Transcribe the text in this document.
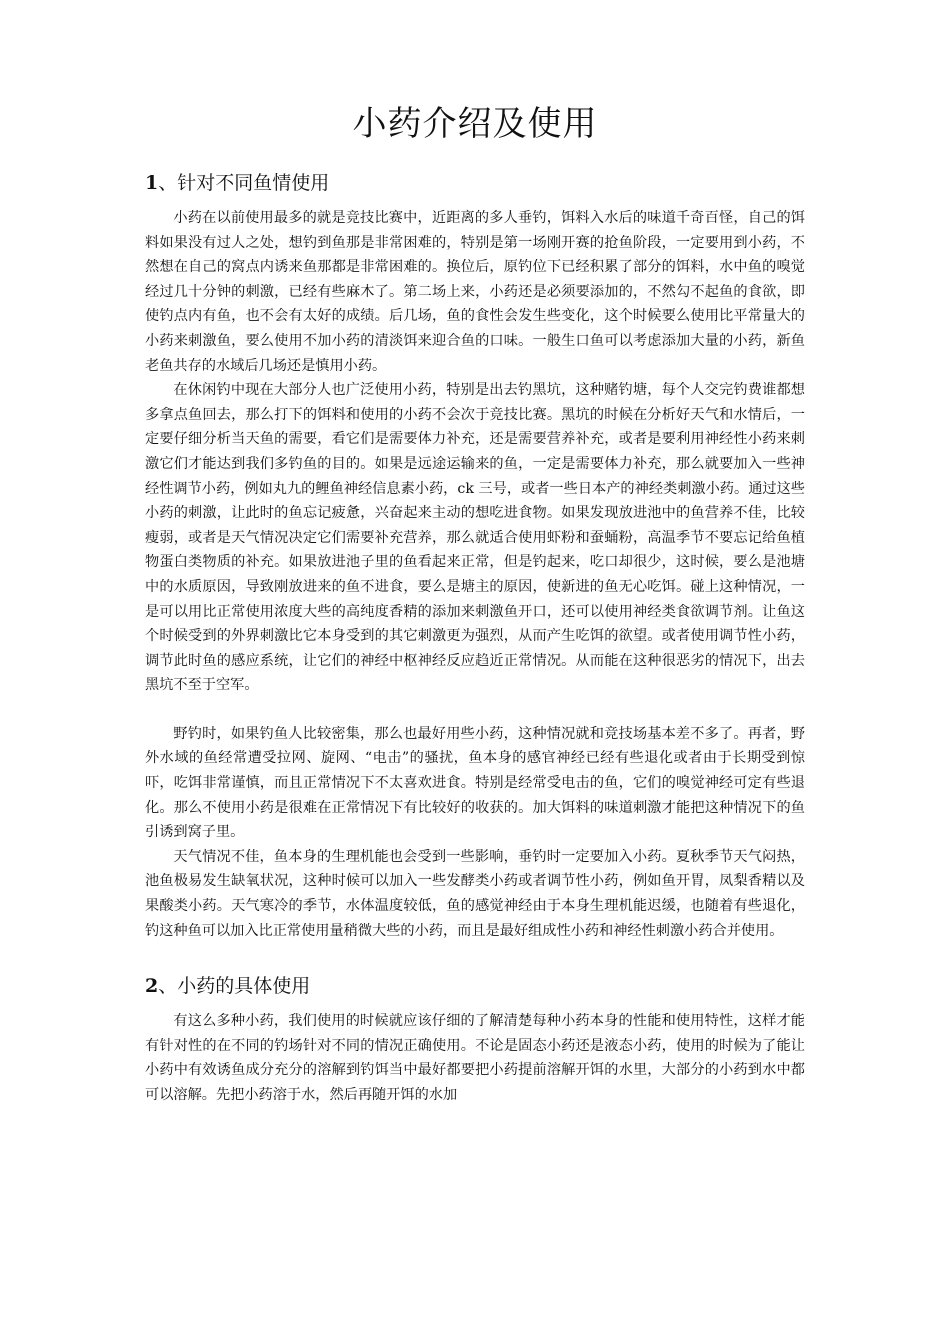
小药介绍及使用
1、针对不同鱼情使用

小药在以前使用最多的就是竞技比赛中，近距离的多人垂钓，饵料入水后的味道千奇百怪，自己的饵料如果没有过人之处，想钓到鱼那是非常困难的，特别是第一场刚开赛的抢鱼阶段，一定要用到小药，不然想在自己的窝点内诱来鱼那都是非常困难的。换位后，原钓位下已经积累了部分的饵料，水中鱼的嗅觉经过几十分钟的刺激，已经有些麻木了。第二场上来，小药还是必须要添加的，不然勾不起鱼的食欲，即使钓点内有鱼，也不会有太好的成绩。后几场，鱼的食性会发生些变化，这个时候要么使用比平常量大的小药来刺激鱼，要么使用不加小药的清淡饵来迎合鱼的口味。一般生口鱼可以考虑添加大量的小药，新鱼老鱼共存的水域后几场还是慎用小药。

在休闲钓中现在大部分人也广泛使用小药，特别是出去钓黑坑，这种赌钓塘，每个人交完钓费谁都想多拿点鱼回去，那么打下的饵料和使用的小药不会次于竞技比赛。黑坑的时候在分析好天气和水情后，一定要仔细分析当天鱼的需要，看它们是需要体力补充，还是需要营养补充，或者是要利用神经性小药来刺激它们才能达到我们多钓鱼的目的。如果是远途运输来的鱼，一定是需要体力补充，那么就要加入一些神经性调节小药，例如丸九的鲤鱼神经信息素小药，ck 三号，或者一些日本产的神经类刺激小药。通过这些小药的刺激，让此时的鱼忘记疲惫，兴奋起来主动的想吃进食物。如果发现放进池中的鱼营养不佳，比较瘦弱，或者是天气情况决定它们需要补充营养，那么就适合使用虾粉和蚕蛹粉，高温季节不要忘记给鱼植物蛋白类物质的补充。如果放进池子里的鱼看起来正常，但是钓起来，吃口却很少，这时候，要么是池塘中的水质原因，导致刚放进来的鱼不进食，要么是塘主的原因，使新进的鱼无心吃饵。碰上这种情况，一是可以用比正常使用浓度大些的高纯度香精的添加来刺激鱼开口，还可以使用神经类食欲调节剂。让鱼这个时候受到的外界刺激比它本身受到的其它刺激更为强烈，从而产生吃饵的欲望。或者使用调节性小药，调节此时鱼的感应系统，让它们的神经中枢神经反应趋近正常情况。从而能在这种很恶劣的情况下，出去黑坑不至于空军。

野钓时，如果钓鱼人比较密集，那么也最好用些小药，这种情况就和竞技场基本差不多了。再者，野外水域的鱼经常遭受拉网、旋网、“电击”的骚扰，鱼本身的感官神经已经有些退化或者由于长期受到惊吓，吃饵非常谨慎，而且正常情况下不太喜欢进食。特别是经常受电击的鱼，它们的嗅觉神经可定有些退化。那么不使用小药是很难在正常情况下有比较好的收获的。加大饵料的味道刺激才能把这种情况下的鱼引诱到窝子里。

天气情况不佳，鱼本身的生理机能也会受到一些影响，垂钓时一定要加入小药。夏秋季节天气闷热，池鱼极易发生缺氧状况，这种时候可以加入一些发酵类小药或者调节性小药，例如鱼开胃，凤梨香精以及果酸类小药。天气寒冷的季节，水体温度较低，鱼的感觉神经由于本身生理机能迟缓，也随着有些退化，钓这种鱼可以加入比正常使用量稍微大些的小药，而且是最好组成性小药和神经性刺激小药合并使用。

2、小药的具体使用

有这么多种小药，我们使用的时候就应该仔细的了解清楚每种小药本身的性能和使用特性，这样才能有针对性的在不同的钓场针对不同的情况正确使用。不论是固态小药还是液态小药，使用的时候为了能让小药中有效诱鱼成分充分的溶解到钓饵当中最好都要把小药提前溶解开饵的水里，大部分的小药到水中都可以溶解。先把小药溶于水，然后再随开饵的水加
